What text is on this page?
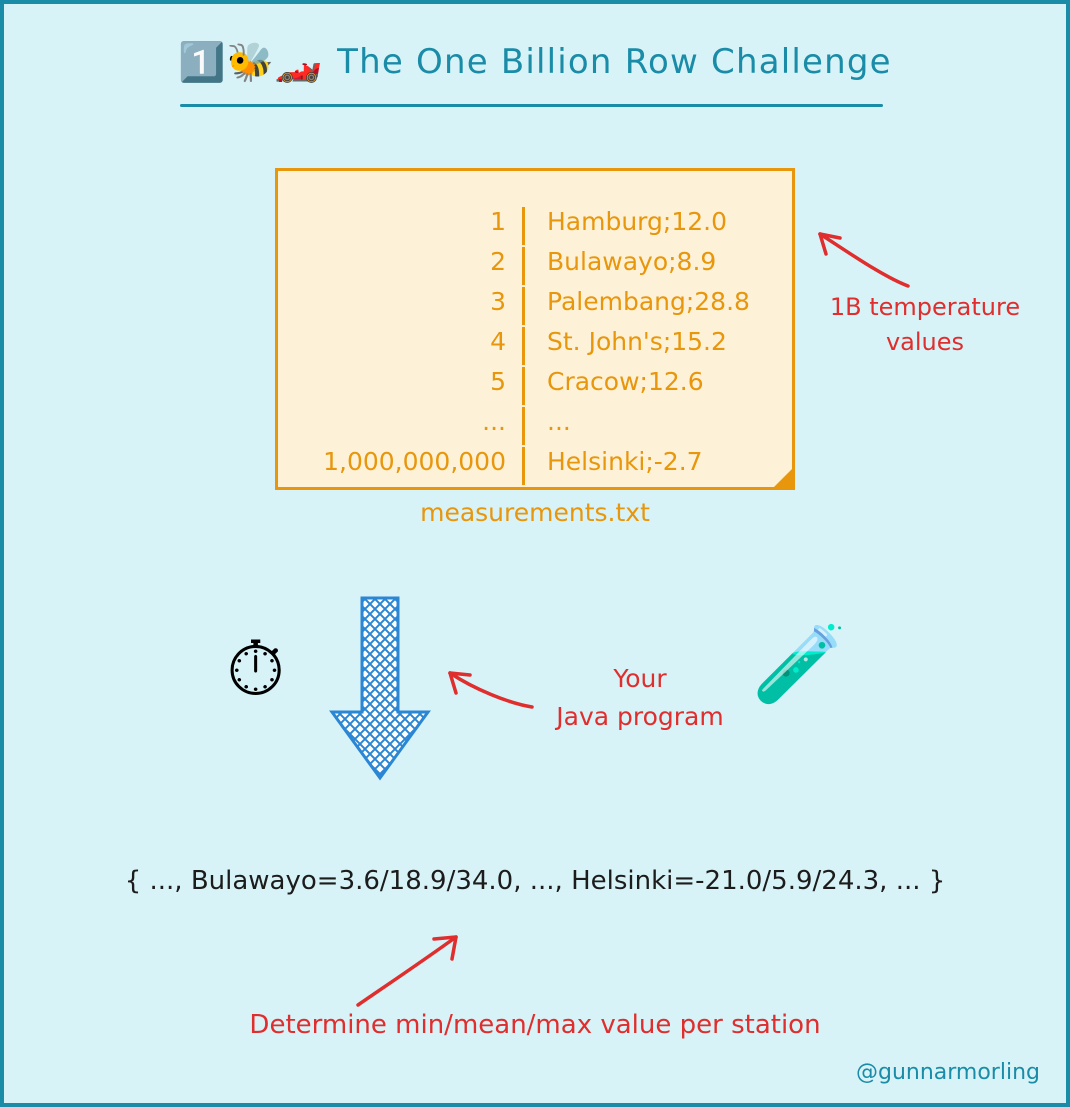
1️⃣🐝🏎️ The One Billion Row Challenge
1	Hamburg;12.0
2	Bulawayo;8.9
3	Palembang;28.8
4	St. John's;15.2
5	Cracow;12.6
...	...
1,000,000,000	Helsinki;-2.7
measurements.txt
1B temperature values
⏱	Your
Java program
🧪
{ ..., Bulawayo=3.6/18.9/34.0, ..., Helsinki=-21.0/5.9/24.3, ... }
Determine min/mean/max value per station
@gunnarmorling
